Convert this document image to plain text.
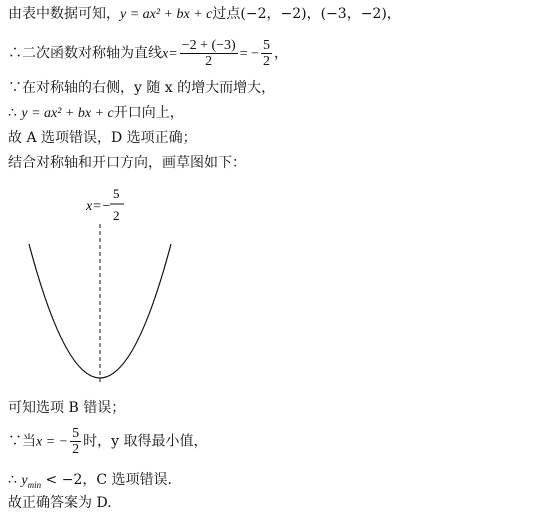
由表中数据可知，y = ax² + bx + c过点(−2，−2)，(−3，−2)，
∴二次函数对称轴为直线$x= \frac{-2 + (-3)}{2}$ = − $\frac{5}{2}$ ，
∵在对称轴的右侧，y 随 x 的增大而增大，
∴ y = ax² + bx + c开口向上，
故 A 选项错误，D 选项正确；
结合对称轴和开口方向，画草图如下：
x=−
5
2
可知选项 B 错误；
∵当x = − $\frac{5}{2}$ 时，y 取得最小值，
∴ $y_{min} < -2$，C 选项错误.
故正确答案为 D.
